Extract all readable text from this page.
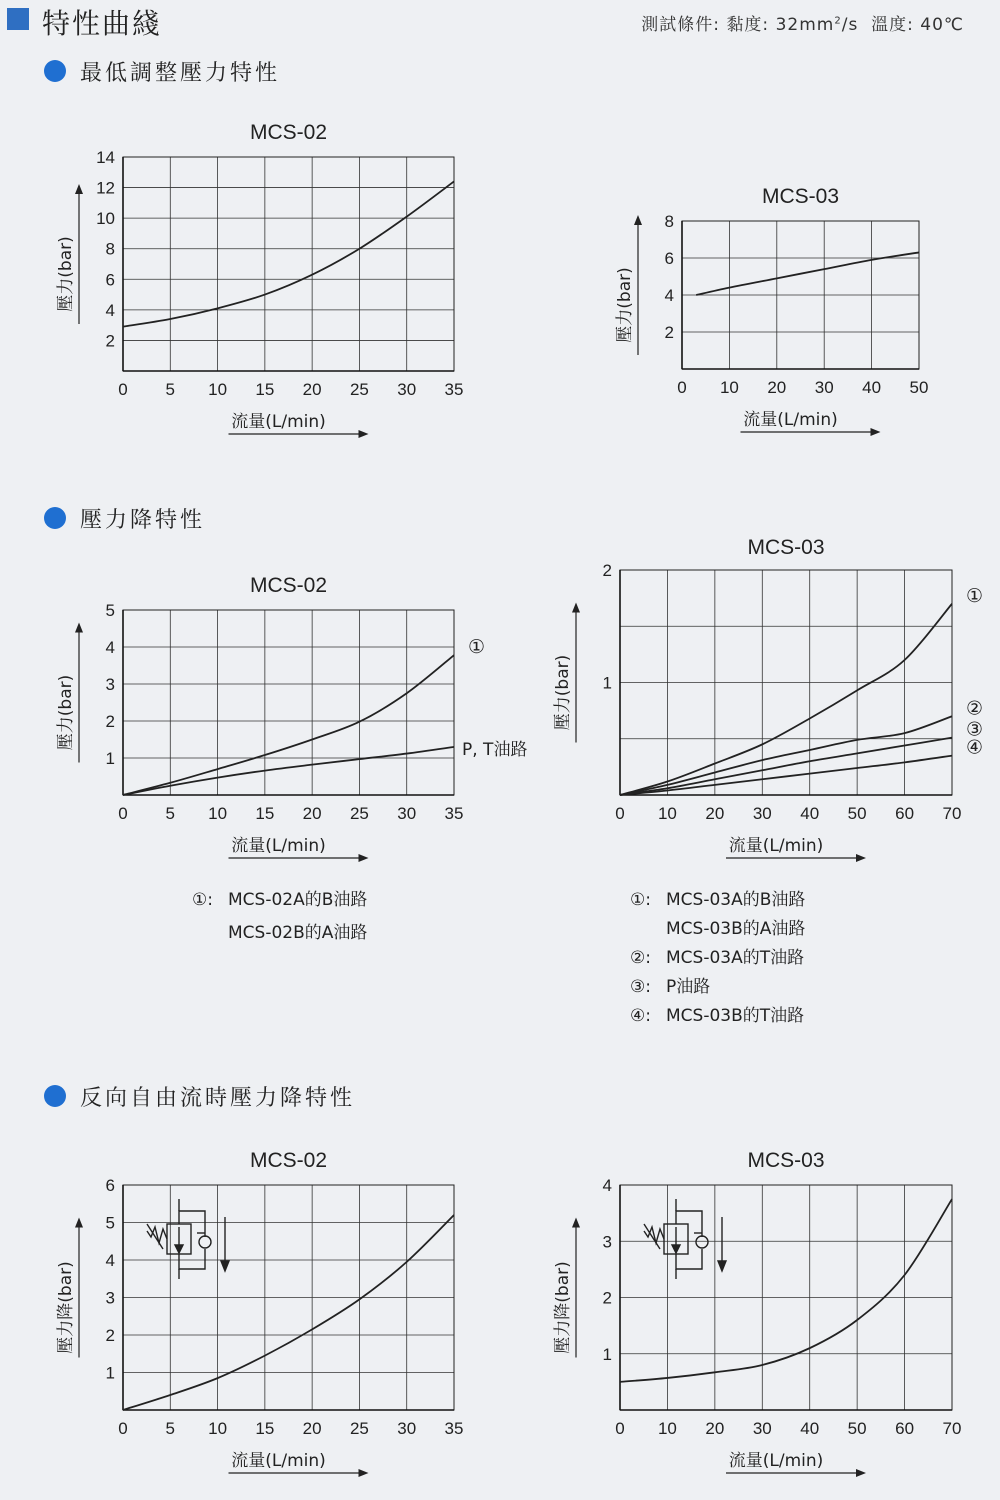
特性曲綫	測試條件: 黏度: $32mm^2/s$ 溫度: 40℃
最低調整壓力特性
壓力降特性
反向自由流時壓力降特性
MCS-02
0 5 10 15 20 25 30 35
2
4
6
8
10
12
14
流量(L/min)
壓力(bar)
MCS-03
0 10 20 30 40 50
2
4
6
8
流量(L/min)
壓力(bar)
MCS-02
0 5 10 15 20 25 30 35
1
2
3
4
5
流量(L/min)
壓力(bar)
①
P, T油路
MCS-03
0 10 20 30 40 50 60 70
1
2
流量(L/min)
壓力(bar)
①
②
③
④
MCS-02
0 5 10 15 20 25 30 35
1
2
3
4
5
6
流量(L/min)
壓力降(bar)
MCS-03
0 10 20 30 40 50 60 70
1
2
3
4
流量(L/min)
壓力降(bar)
①: MCS-02A的B油路
MCS-02B的A油路
①: MCS-03A的B油路
MCS-03B的A油路
②: MCS-03A的T油路
③: P油路
④: MCS-03B的T油路
